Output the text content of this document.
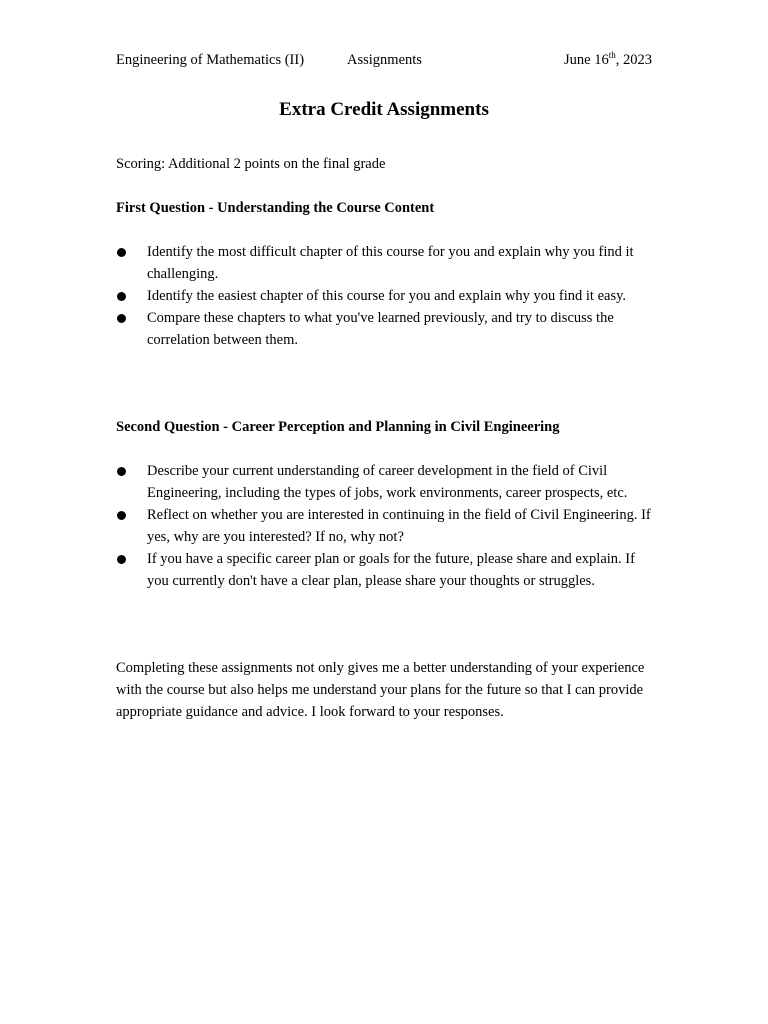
Engineering of Mathematics (II)	Assignments	June 16th, 2023
Extra Credit Assignments

Scoring: Additional 2 points on the final grade

First Question - Understanding the Course Content

Identify the most difficult chapter of this course for you and explain why you find it challenging.
Identify the easiest chapter of this course for you and explain why you find it easy.
Compare these chapters to what you've learned previously, and try to discuss the correlation between them.

Second Question - Career Perception and Planning in Civil Engineering

Describe your current understanding of career development in the field of Civil Engineering, including the types of jobs, work environments, career prospects, etc.
Reflect on whether you are interested in continuing in the field of Civil Engineering. If yes, why are you interested? If no, why not?
If you have a specific career plan or goals for the future, please share and explain. If you currently don't have a clear plan, please share your thoughts or struggles.

Completing these assignments not only gives me a better understanding of your experience with the course but also helps me understand your plans for the future so that I can provide appropriate guidance and advice. I look forward to your responses.
